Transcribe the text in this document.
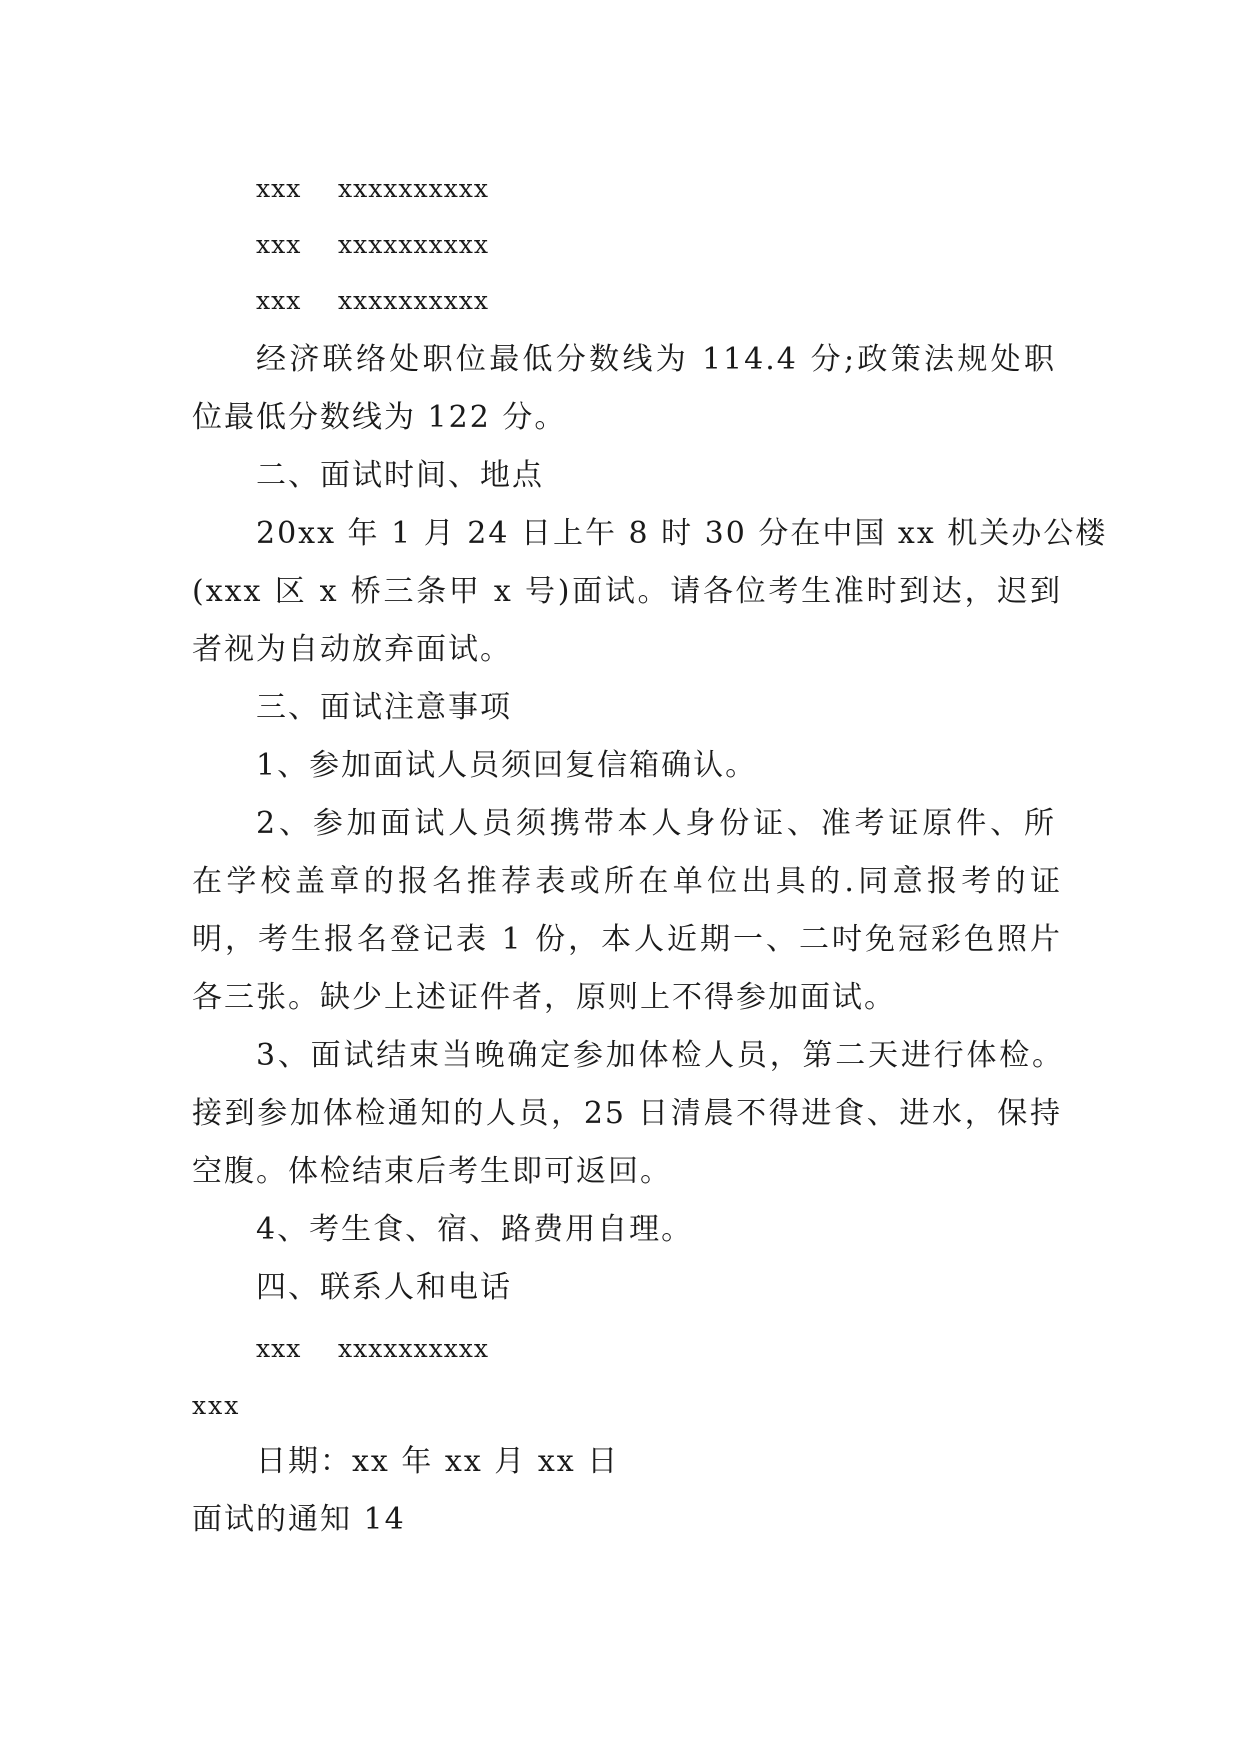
xxx xxxxxxxxxx
xxx xxxxxxxxxx
xxx xxxxxxxxxx
经济联络处职位最低分数线为 114.4 分;政策法规处职
位最低分数线为 122 分。
二、面试时间、地点
20xx 年 1 月 24 日上午 8 时 30 分在中国 xx 机关办公楼
(xxx 区 x 桥三条甲 x 号)面试。请各位考生准时到达，迟到
者视为自动放弃面试。
三、面试注意事项
1、参加面试人员须回复信箱确认。
2、参加面试人员须携带本人身份证、准考证原件、所
在学校盖章的报名推荐表或所在单位出具的.同意报考的证
明，考生报名登记表 1 份，本人近期一、二吋免冠彩色照片
各三张。缺少上述证件者，原则上不得参加面试。
3、面试结束当晚确定参加体检人员，第二天进行体检。
接到参加体检通知的人员，25 日清晨不得进食、进水，保持
空腹。体检结束后考生即可返回。
4、考生食、宿、路费用自理。
四、联系人和电话
xxx xxxxxxxxxx
xxx
日期：xx 年 xx 月 xx 日
面试的通知 14
